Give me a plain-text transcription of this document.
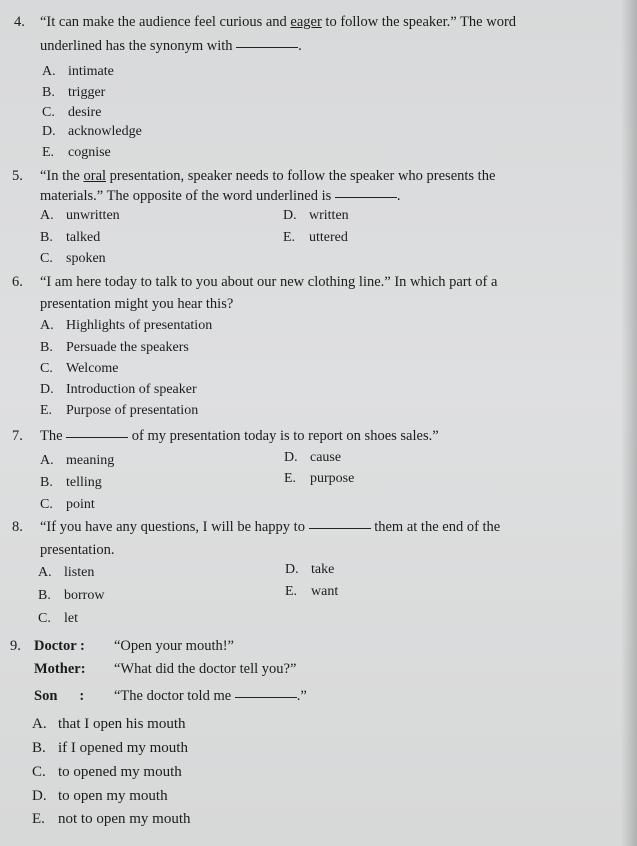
4. “It can make the audience feel curious and eager to follow the speaker.” The word
underlined has the synonym with	.
A. intimate
B. trigger
C. desire
D. acknowledge
E. cognise
5. “In the oral presentation, speaker needs to follow the speaker who presents the
materials.” The opposite of the word underlined is	.
A. unwritten
B. talked
C. spoken
D. written
E. uttered
6. “I am here today to talk to you about our new clothing line.” In which part of a
presentation might you hear this?
A. Highlights of presentation
B. Persuade the speakers
C. Welcome
D. Introduction of speaker
E. Purpose of presentation
7. The	of my presentation today is to report on shoes sales.”
A. meaning
B. telling
C. point
D. cause
E. purpose
8. “If you have any questions, I will be happy to	them at the end of the
presentation.
A. listen
B. borrow
C. let
D. take
E. want
9. Doctor : “Open your mouth!”
Mother: “What did the doctor tell you?”
Son : “The doctor told me	.”
A. that I open his mouth
B. if I opened my mouth
C. to opened my mouth
D. to open my mouth
E. not to open my mouth
